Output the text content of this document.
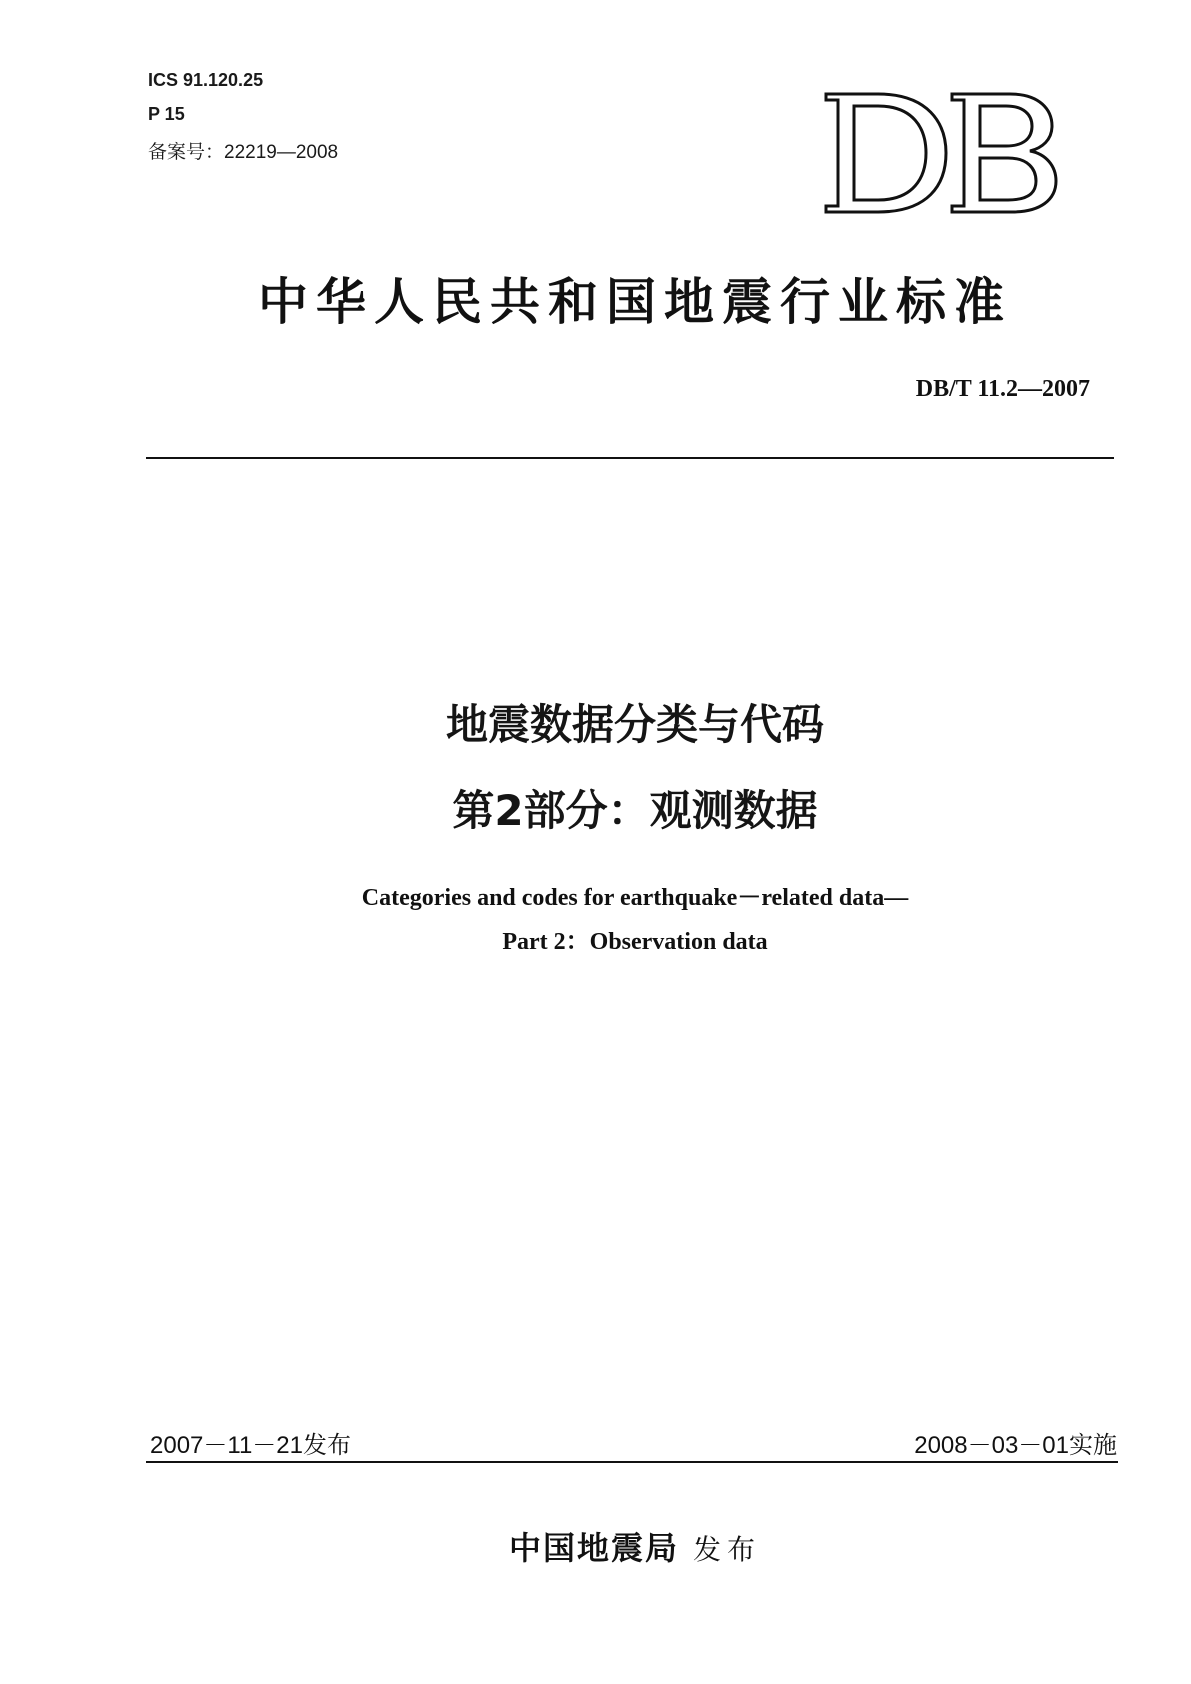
ICS 91.120.25
P 15
备案号：22219—2008
中华人民共和国地震行业标准
DB/T 11.2—2007
地震数据分类与代码
第2部分：观测数据
Categories and codes for earthquake－related data—
Part 2：Observation data
2007－11－21发布	2008－03－01实施
中国地震局 发布
